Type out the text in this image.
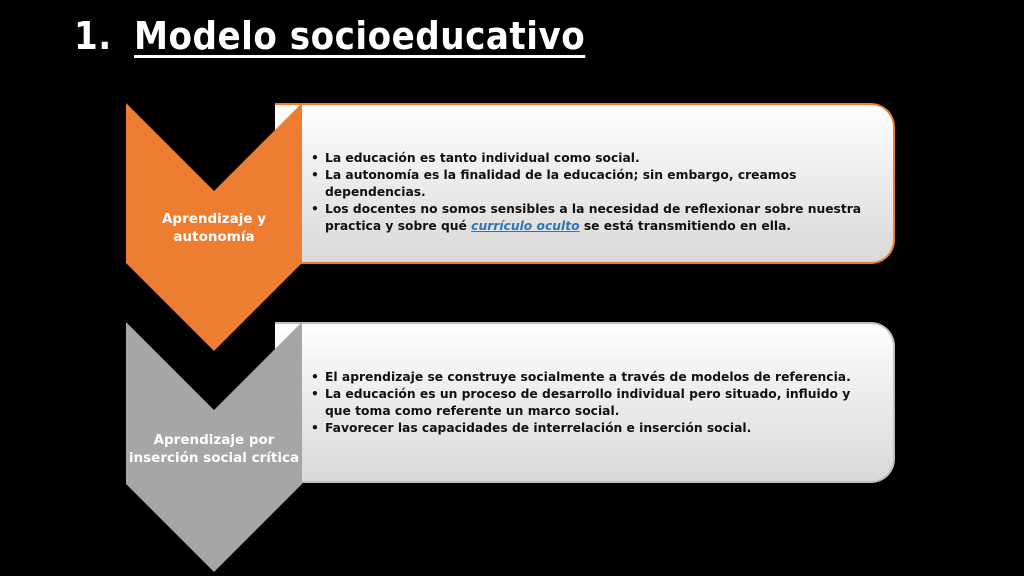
1. Modelo socioeducativo
• La educación es tanto individual como social.
• La autonomía es la finalidad de la educación; sin embargo, creamos dependencias.
• Los docentes no somos sensibles a la necesidad de reflexionar sobre nuestra practica y sobre qué currículo oculto se está transmitiendo en ella.
Aprendizaje y
autonomía
• El aprendizaje se construye socialmente a través de modelos de referencia.
• La educación es un proceso de desarrollo individual pero situado, influido y que toma como referente un marco social.
• Favorecer las capacidades de interrelación e inserción social.
Aprendizaje por
inserción social crítica
